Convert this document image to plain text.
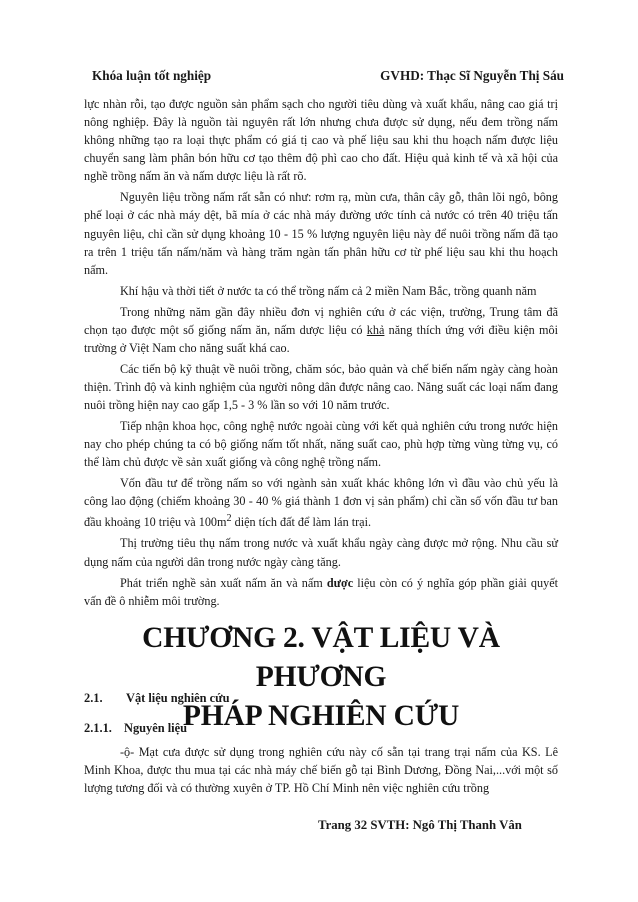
Khóa luận tốt nghiệp	GVHD: Thạc Sĩ Nguyễn Thị Sáu

lực nhàn rỗi, tạo được nguồn sản phẩm sạch cho người tiêu dùng và xuất khẩu, nâng cao giá trị nông nghiệp. Đây là nguồn tài nguyên rất lớn nhưng chưa được sử dụng, nếu đem trồng nấm không những tạo ra loại thực phẩm có giá tị cao và phế liệu sau khi thu hoạch nấm được liệu chuyển sang làm phân bón hữu cơ tạo thêm độ phì cao cho đất. Hiệu quả kinh tế và xã hội của nghề trồng nấm ăn và nấm dược liệu là rất rõ.

Nguyên liệu trồng nấm rất sẵn có như: rơm rạ, mùn cưa, thân cây gỗ, thân lõi ngô, bông phế loại ở các nhà máy dệt, bã mía ở các nhà máy đường ước tính cả nước có trên 40 triệu tấn nguyên liệu, chỉ cần sử dụng khoảng 10 - 15 % lượng nguyên liệu này để nuôi trồng nấm đã tạo ra trên 1 triệu tấn nấm/năm và hàng trăm ngàn tấn phân hữu cơ từ phế liệu sau khi thu hoạch nấm.

Khí hậu và thời tiết ở nước ta có thể trồng nấm cả 2 miền Nam Bắc, trồng quanh năm

Trong những năm gần đây nhiều đơn vị nghiên cứu ở các viện, trường, Trung tâm đã chọn tạo được một số giống nấm ăn, nấm dược liệu có khả năng thích ứng với điều kiện môi trường ở Việt Nam cho năng suất khá cao.

Các tiến bộ kỹ thuật về nuôi trồng, chăm sóc, bảo quản và chế biến nấm ngày càng hoàn thiện. Trình độ và kinh nghiệm của người nông dân được nâng cao. Năng suất các loại nấm đang nuôi trồng hiện nay cao gấp 1,5 - 3 % lần so với 10 năm trước.

Tiếp nhận khoa học, công nghệ nước ngoài cùng với kết quả nghiên cứu trong nước hiện nay cho phép chúng ta có bộ giống nấm tốt nhất, năng suất cao, phù hợp từng vùng từng vụ, có thể làm chủ được về sản xuất giống và công nghệ trồng nấm.

Vốn đầu tư để trồng nấm so với ngành sản xuất khác không lớn vì đầu vào chủ yếu là công lao động (chiếm khoảng 30 - 40 % giá thành 1 đơn vị sản phẩm) chỉ cần số vốn đầu tư ban đầu khoảng 10 triệu và $100m^2$ diện tích đất để làm lán trại.

Thị trường tiêu thụ nấm trong nước và xuất khẩu ngày càng được mở rộng. Nhu cầu sử dụng nấm của người dân trong nước ngày càng tăng.

Phát triển nghề sản xuất nấm ăn và nấm dược liệu còn có ý nghĩa góp phần giải quyết vấn đề ô nhiễm môi trường.

CHƯƠNG 2. VẬT LIỆU VÀ PHƯƠNG
PHÁP NGHIÊN CỨU
2.1. Vật liệu nghiên cứu
2.1.1. Nguyên liệu

-ộ- Mạt cưa được sử dụng trong nghiên cứu này cố sẵn tại trang trại nấm của KS. Lê Minh Khoa, được thu mua tại các nhà máy chế biến gỗ tại Bình Dương, Đồng Nai,...với một số lượng tương đối và có thường xuyên ở TP. Hồ Chí Minh nên việc nghiên cứu trồng

Trang 32 SVTH: Ngô Thị Thanh Vân
